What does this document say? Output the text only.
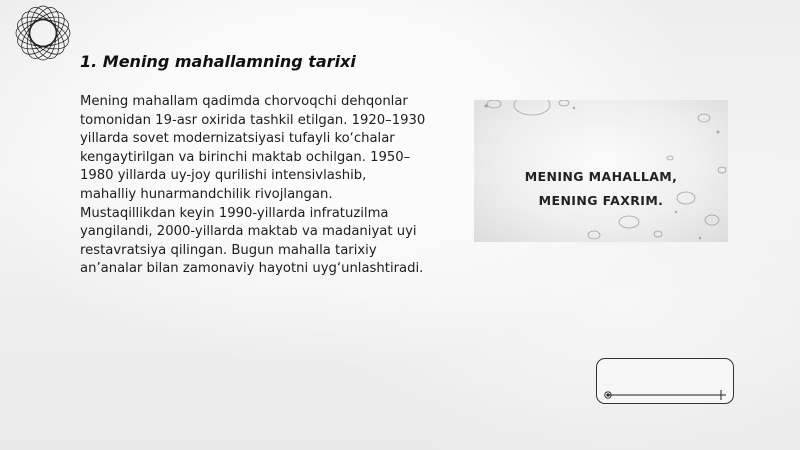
1. Mening mahallamning tarixi
Mening mahallam qadimda chorvoqchi dehqonlar tomonidan 19-asr oxirida tashkil etilgan. 1920–1930 yillarda sovet modernizatsiyasi tufayli ko‘chalar kengaytirilgan va birinchi maktab ochilgan. 1950–1980 yillarda uy-joy qurilishi intensivlashib, mahalliy hunarmandchilik rivojlangan. Mustaqillikdan keyin 1990-yillarda infratuzilma yangilandi, 2000-yillarda maktab va madaniyat uyi restavratsiya qilingan. Bugun mahalla tarixiy an’analar bilan zamonaviy hayotni uyg‘unlashtiradi.
MENING MAHALLAM,
MENING FAXRIM.
